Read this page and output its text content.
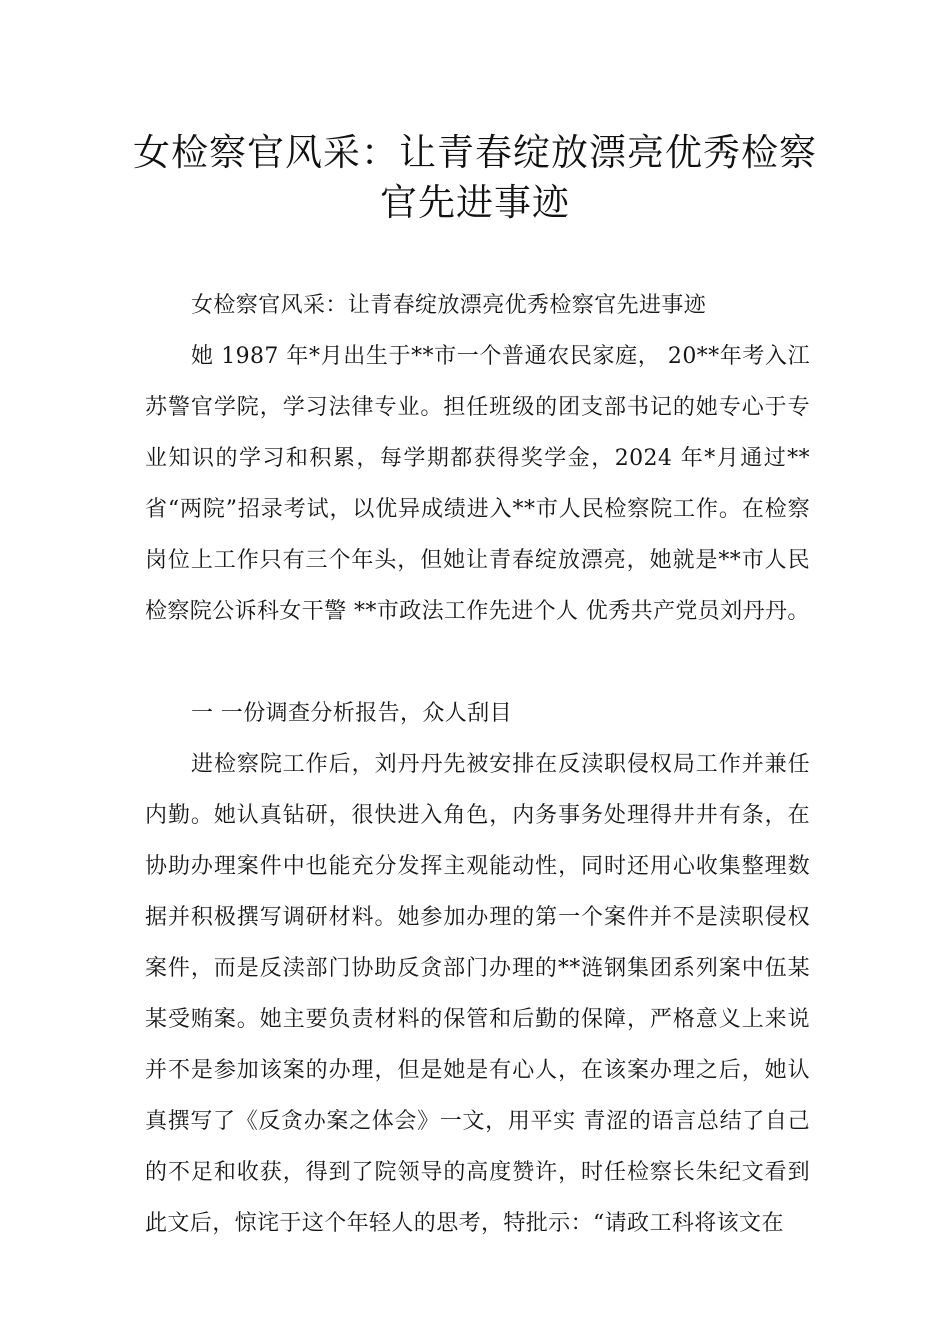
女检察官风采：让青春绽放漂亮优秀检察官先进事迹

女检察官风采：让青春绽放漂亮优秀检察官先进事迹

她 1987 年*月出生于**市一个普通农民家庭， 20**年考入江苏警官学院，学习法律专业。担任班级的团支部书记的她专心于专业知识的学习和积累，每学期都获得奖学金，2024 年*月通过**省“两院”招录考试，以优异成绩进入**市人民检察院工作。在检察岗位上工作只有三个年头，但她让青春绽放漂亮，她就是**市人民检察院公诉科女干警 **市政法工作先进个人 优秀共产党员刘丹丹。

一 一份调查分析报告，众人刮目

进检察院工作后，刘丹丹先被安排在反渎职侵权局工作并兼任内勤。她认真钻研，很快进入角色，内务事务处理得井井有条，在协助办理案件中也能充分发挥主观能动性，同时还用心收集整理数据并积极撰写调研材料。她参加办理的第一个案件并不是渎职侵权案件，而是反渎部门协助反贪部门办理的**涟钢集团系列案中伍某某受贿案。她主要负责材料的保管和后勤的保障，严格意义上来说并不是参加该案的办理，但是她是有心人，在该案办理之后，她认真撰写了《反贪办案之体会》一文，用平实 青涩的语言总结了自己的不足和收获，得到了院领导的高度赞许，时任检察长朱纪文看到此文后，惊诧于这个年轻人的思考，特批示：“请政工科将该文在
